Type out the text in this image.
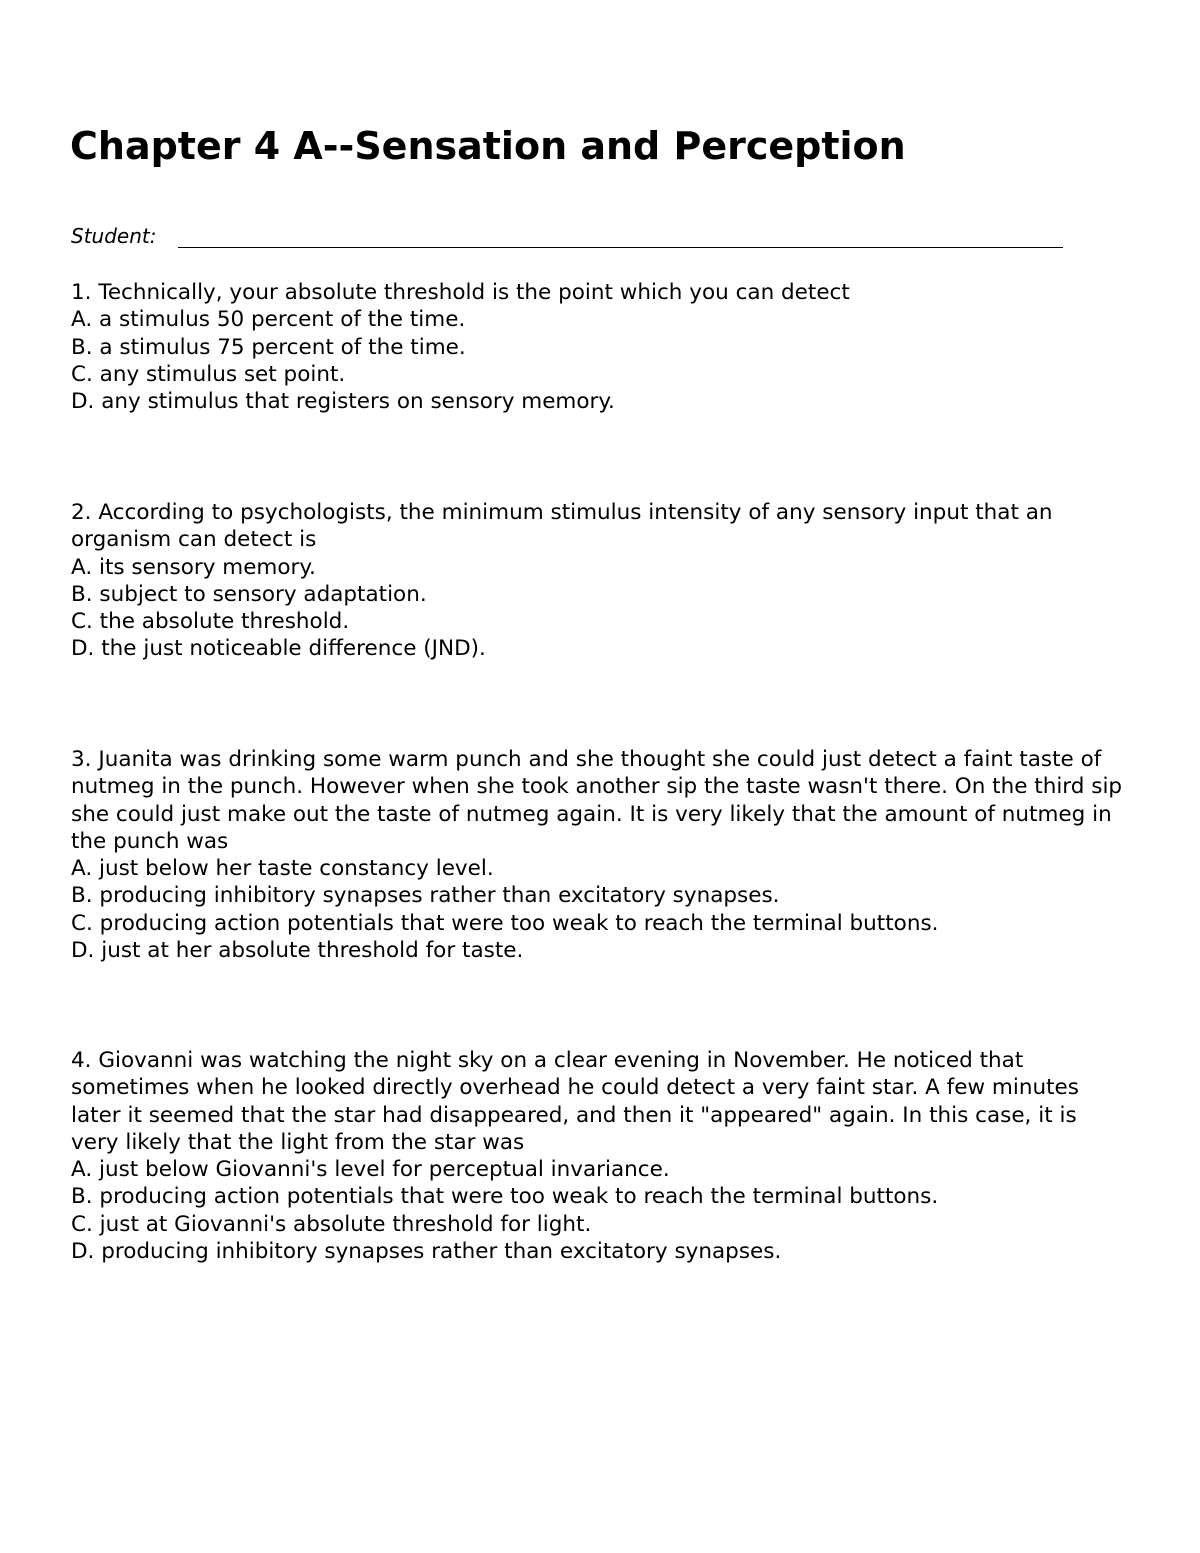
Chapter 4 A--Sensation and Perception
Student:

1. Technically, your absolute threshold is the point which you can detect

A. a stimulus 50 percent of the time.

B. a stimulus 75 percent of the time.

C. any stimulus set point.

D. any stimulus that registers on sensory memory.

2. According to psychologists, the minimum stimulus intensity of any sensory input that an organism can detect is

A. its sensory memory.

B. subject to sensory adaptation.

C. the absolute threshold.

D. the just noticeable difference (JND).

3. Juanita was drinking some warm punch and she thought she could just detect a faint taste of nutmeg in the punch. However when she took another sip the taste wasn't there. On the third sip she could just make out the taste of nutmeg again. It is very likely that the amount of nutmeg in the punch was

A. just below her taste constancy level.

B. producing inhibitory synapses rather than excitatory synapses.

C. producing action potentials that were too weak to reach the terminal buttons.

D. just at her absolute threshold for taste.

4. Giovanni was watching the night sky on a clear evening in November. He noticed that sometimes when he looked directly overhead he could detect a very faint star. A few minutes later it seemed that the star had disappeared, and then it "appeared" again. In this case, it is very likely that the light from the star was

A. just below Giovanni's level for perceptual invariance.

B. producing action potentials that were too weak to reach the terminal buttons.

C. just at Giovanni's absolute threshold for light.

D. producing inhibitory synapses rather than excitatory synapses.
